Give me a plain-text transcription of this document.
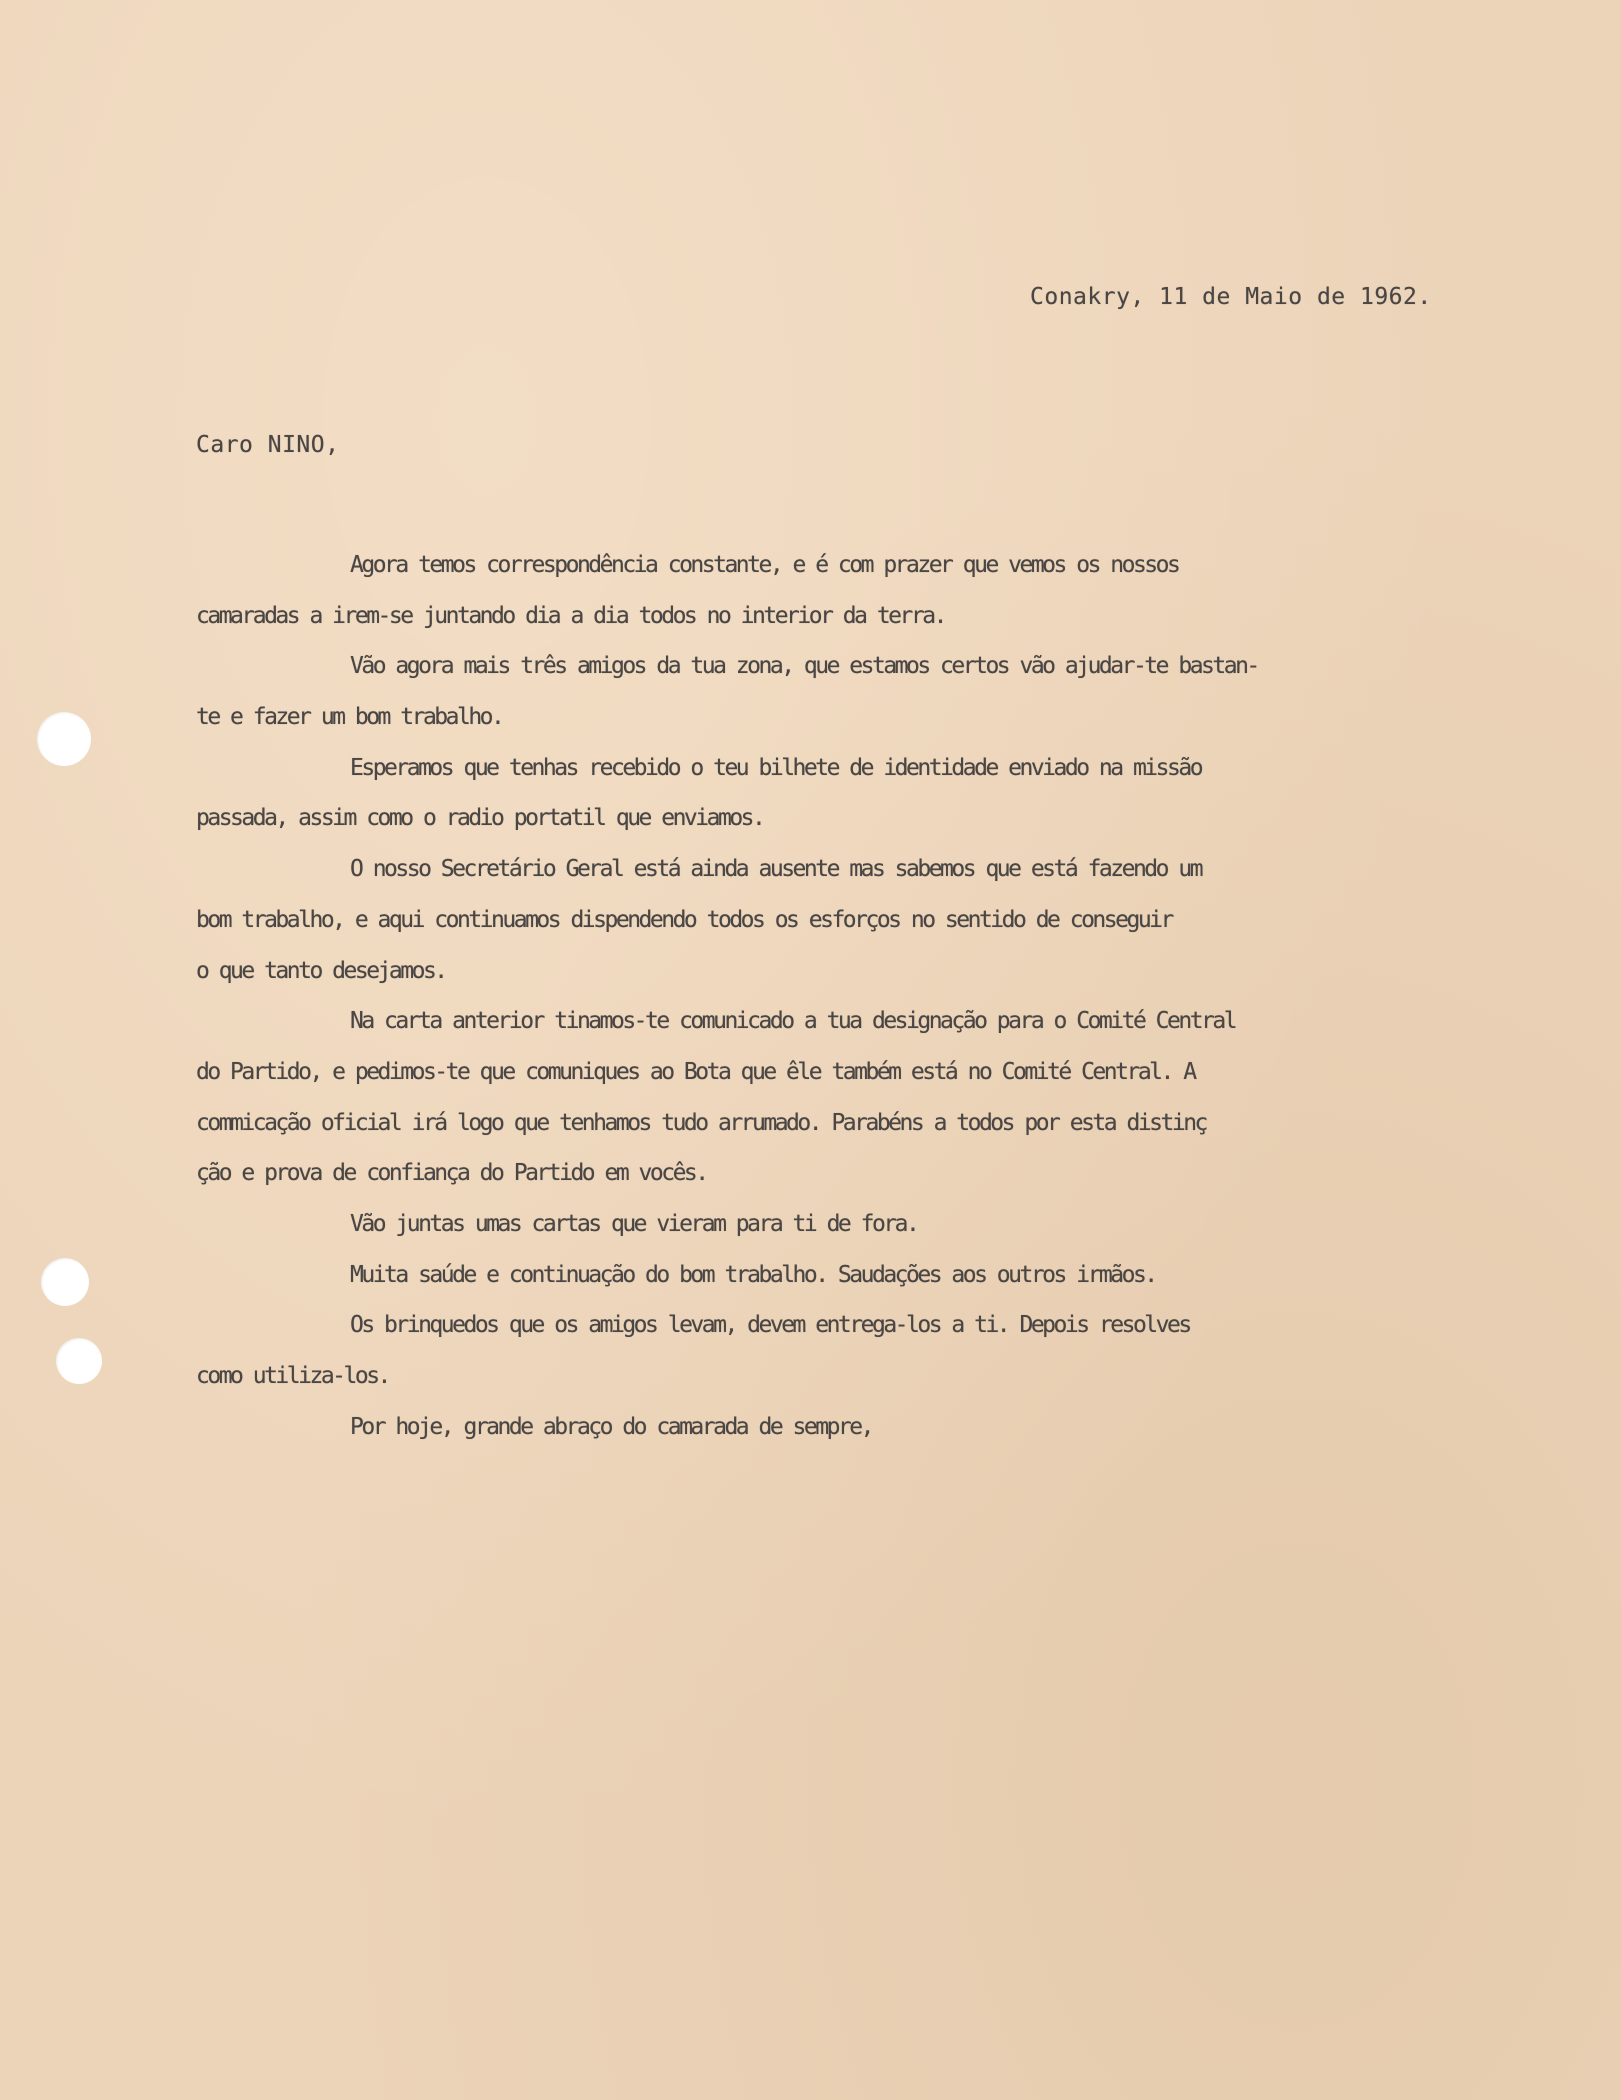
Conakry, 11 de Maio de 1962.
Caro NINO,
Agora temos correspondência constante, e é com prazer que vemos os nossos
camaradas a irem-se juntando dia a dia todos no interior da terra.
Vão agora mais três amigos da tua zona, que estamos certos vão ajudar-te bastan-
te e fazer um bom trabalho.
Esperamos que tenhas recebido o teu bilhete de identidade enviado na missão
passada, assim como o radio portatil que enviamos.
O nosso Secretário Geral está ainda ausente mas sabemos que está fazendo um
bom trabalho, e aqui continuamos dispendendo todos os esforços no sentido de conseguir
o que tanto desejamos.
Na carta anterior tinamos-te comunicado a tua designação para o Comité Central
do Partido, e pedimos-te que comuniques ao Bota que êle também está no Comité Central. A
commicação oficial irá logo que tenhamos tudo arrumado. Parabéns a todos por esta distinç
ção e prova de confiança do Partido em vocês.
Vão juntas umas cartas que vieram para ti de fora.
Muita saúde e continuação do bom trabalho. Saudações aos outros irmãos.
Os brinquedos que os amigos levam, devem entrega-los a ti. Depois resolves
como utiliza-los.
Por hoje, grande abraço do camarada de sempre,
